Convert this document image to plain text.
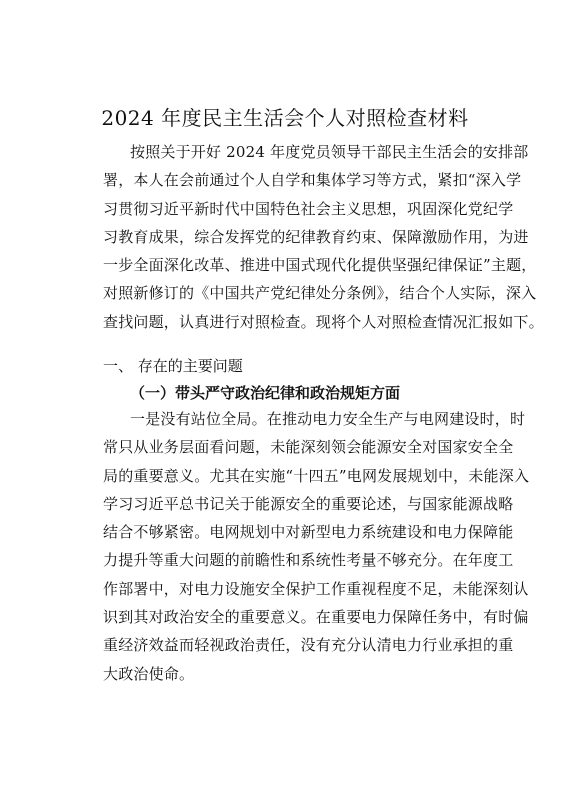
2024 年度民主生活会个人对照检查材料
按照关于开好 2024 年度党员领导干部民主生活会的安排部
署，本人在会前通过个人自学和集体学习等方式，紧扣“深入学
习贯彻习近平新时代中国特色社会主义思想，巩固深化党纪学
习教育成果，综合发挥党的纪律教育约束、保障激励作用，为进
一步全面深化改革、推进中国式现代化提供坚强纪律保证”主题，
对照新修订的《中国共产党纪律处分条例》，结合个人实际，深入
查找问题，认真进行对照检查。现将个人对照检查情况汇报如下。
一、 存在的主要问题
（一）带头严守政治纪律和政治规矩方面
一是没有站位全局。在推动电力安全生产与电网建设时，时
常只从业务层面看问题，未能深刻领会能源安全对国家安全全
局的重要意义。尤其在实施“十四五”电网发展规划中，未能深入
学习习近平总书记关于能源安全的重要论述，与国家能源战略
结合不够紧密。电网规划中对新型电力系统建设和电力保障能
力提升等重大问题的前瞻性和系统性考量不够充分。在年度工
作部署中，对电力设施安全保护工作重视程度不足，未能深刻认
识到其对政治安全的重要意义。在重要电力保障任务中，有时偏
重经济效益而轻视政治责任，没有充分认清电力行业承担的重
大政治使命。
